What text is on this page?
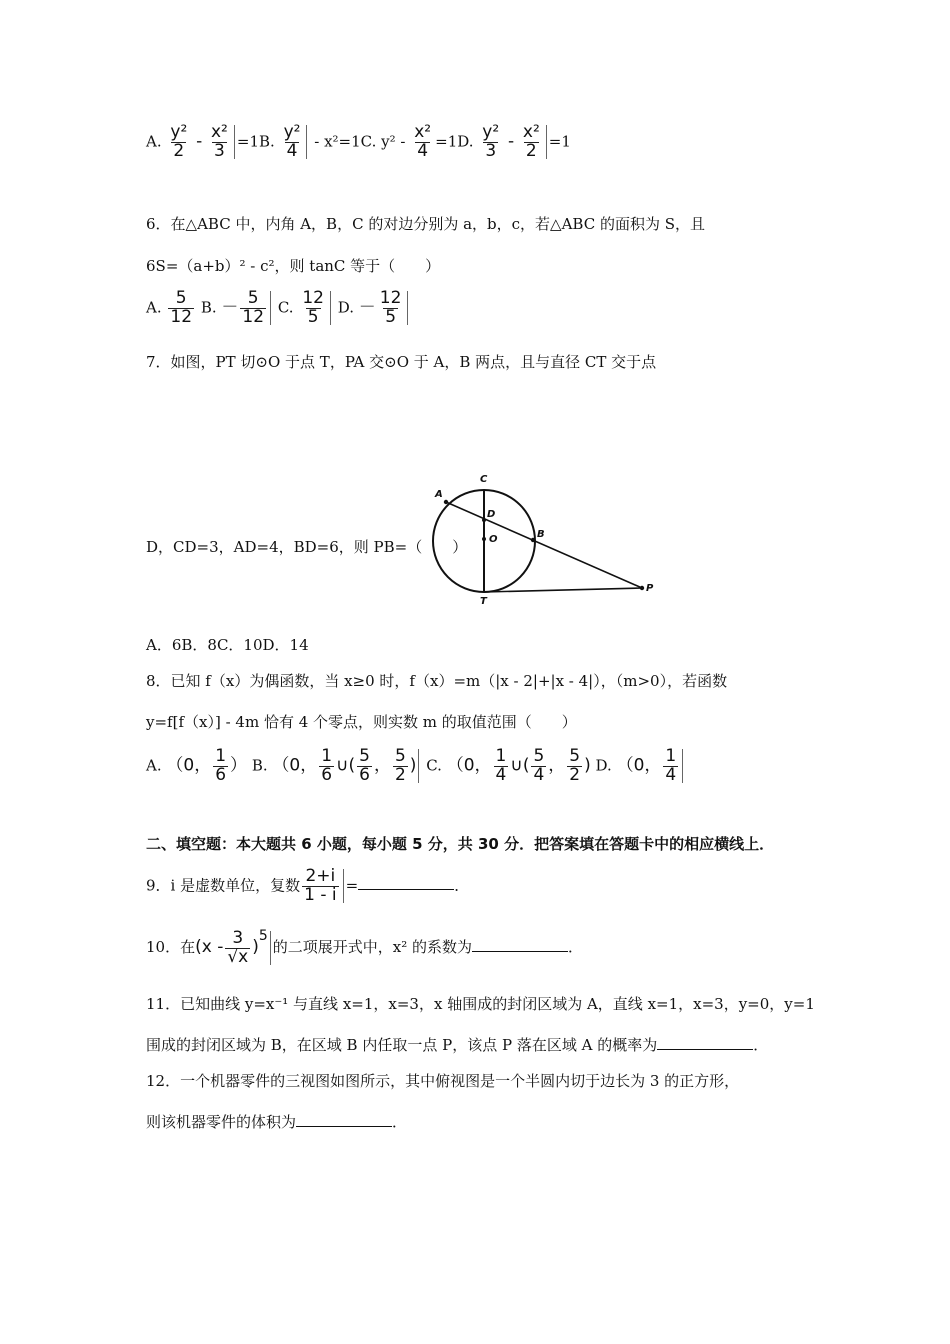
A. $\frac{\text{y²}}{2} - \frac{\text{x²}}{3} =1B$. $\frac{\text{y²}}{4} - x^2=1C$. $y^2 - \frac{\text{x²}}{4} =1D$. $\frac{\text{y²}}{3} - \frac{\text{x²}}{2} =1$
6．在△ABC 中，内角 A，B，C 的对边分别为 a，b，c，若△ABC 的面积为 S，且
6S=（a+b）² - c²，则 tanC 等于（　　）
A. $\frac{5}{12} B$. － $\frac{5}{12} C$. $\frac{12}{5} D$. － $\frac{12}{5}$
7．如图，PT 切⊙O 于点 T，PA 交⊙O 于 A，B 两点，且与直径 CT 交于点
D，CD=3，AD=4，BD=6，则 PB=（　　）
A
C
D
O	B
T
P
A．6B．8C．10D．14
8．已知 f（x）为偶函数，当 x≥0 时，f（x）=m（|x - 2|+|x - 4|），（m>0），若函数
y=f[f（x）] - 4m 恰有 4 个零点，则实数 m 的取值范围（　　）
A. （0， $\frac{1}{6}$ ） B. （0， $\frac{1}{6}$ ∪( $\frac{5}{6}$ ， $\frac{5}{2}$ ) C. （0， $\frac{1}{4}$ ∪( $\frac{5}{4}$ ， $\frac{5}{2}$ ) D. （0， $\frac{1}{4}$
二、填空题：本大题共 6 小题，每小题 5 分，共 30 分．把答案填在答题卡中的相应横线上．
9．i 是虚数单位，复数 $\frac{2+i}{1 - i}$ =	．
10．在$(x - \frac{3}{√x} )^5$的二项展开式中，x² 的系数为	．
11．已知曲线 y=x⁻¹ 与直线 x=1，x=3，x 轴围成的封闭区域为 A，直线 x=1，x=3，y=0，y=1
围成的封闭区域为 B，在区域 B 内任取一点 P，该点 P 落在区域 A 的概率为	．
12．一个机器零件的三视图如图所示，其中俯视图是一个半圆内切于边长为 3 的正方形，
则该机器零件的体积为	．
